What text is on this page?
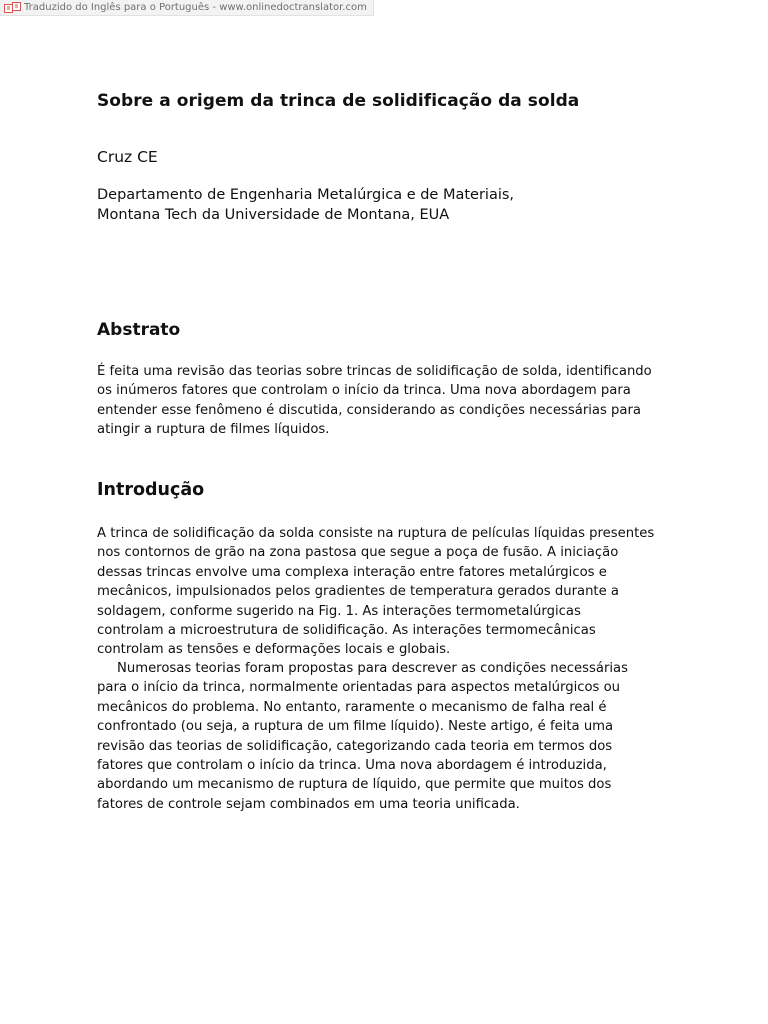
Traduzido do Inglês para o Português - www.onlinedoctranslator.com
Sobre a origem da trinca de solidificação da solda

Cruz CE

Departamento de Engenharia Metalúrgica e de Materiais,
Montana Tech da Universidade de Montana, EUA

Abstrato

É feita uma revisão das teorias sobre trincas de solidificação de solda, identificando
os inúmeros fatores que controlam o início da trinca. Uma nova abordagem para
entender esse fenômeno é discutida, considerando as condições necessárias para
atingir a ruptura de filmes líquidos.

Introdução

A trinca de solidificação da solda consiste na ruptura de películas líquidas presentes
nos contornos de grão na zona pastosa que segue a poça de fusão. A iniciação
dessas trincas envolve uma complexa interação entre fatores metalúrgicos e
mecânicos, impulsionados pelos gradientes de temperatura gerados durante a
soldagem, conforme sugerido na Fig. 1. As interações termometalúrgicas
controlam a microestrutura de solidificação. As interações termomecânicas
controlam as tensões e deformações locais e globais.

Numerosas teorias foram propostas para descrever as condições necessárias
para o início da trinca, normalmente orientadas para aspectos metalúrgicos ou
mecânicos do problema. No entanto, raramente o mecanismo de falha real é
confrontado (ou seja, a ruptura de um filme líquido). Neste artigo, é feita uma
revisão das teorias de solidificação, categorizando cada teoria em termos dos
fatores que controlam o início da trinca. Uma nova abordagem é introduzida,
abordando um mecanismo de ruptura de líquido, que permite que muitos dos
fatores de controle sejam combinados em uma teoria unificada.
